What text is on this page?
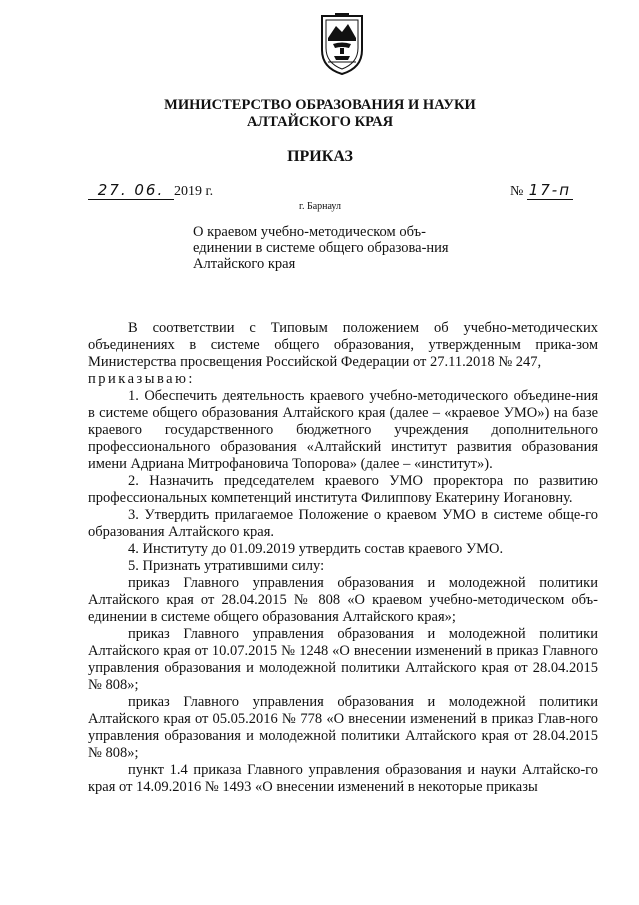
МИНИСТЕРСТВО ОБРАЗОВАНИЯ И НАУКИ
АЛТАЙСКОГО КРАЯ
ПРИКАЗ
27. 06. 2019 г.	№ 17-п
г. Барнаул
О краевом учебно-методическом объ-единении в системе общего образова-ния Алтайского края

В соответствии с Типовым положением об учебно-методических объединениях в системе общего образования, утвержденным прика-зом Министерства просвещения Российской Федерации от 27.11.2018 № 247,

приказываю:

1. Обеспечить деятельность краевого учебно-методического объедине-ния в системе общего образования Алтайского края (далее – «краевое УМО») на базе краевого государственного бюджетного учреждения дополнительного профессионального образования «Алтайский институт развития образования имени Адриана Митрофановича Топорова» (далее – «институт»).

2. Назначить председателем краевого УМО проректора по развитию профессиональных компетенций института Филиппову Екатерину Иогановну.

3. Утвердить прилагаемое Положение о краевом УМО в системе обще-го образования Алтайского края.

4. Институту до 01.09.2019 утвердить состав краевого УМО.

5. Признать утратившими силу:

приказ Главного управления образования и молодежной политики Алтайского края от 28.04.2015 № 808 «О краевом учебно-методическом объ-единении в системе общего образования Алтайского края»;

приказ Главного управления образования и молодежной политики Алтайского края от 10.07.2015 № 1248 «О внесении изменений в приказ Главного управления образования и молодежной политики Алтайского края от 28.04.2015 № 808»;

приказ Главного управления образования и молодежной политики Алтайского края от 05.05.2016 № 778 «О внесении изменений в приказ Глав-ного управления образования и молодежной политики Алтайского края от 28.04.2015 № 808»;

пункт 1.4 приказа Главного управления образования и науки Алтайско-го края от 14.09.2016 № 1493 «О внесении изменений в некоторые приказы
